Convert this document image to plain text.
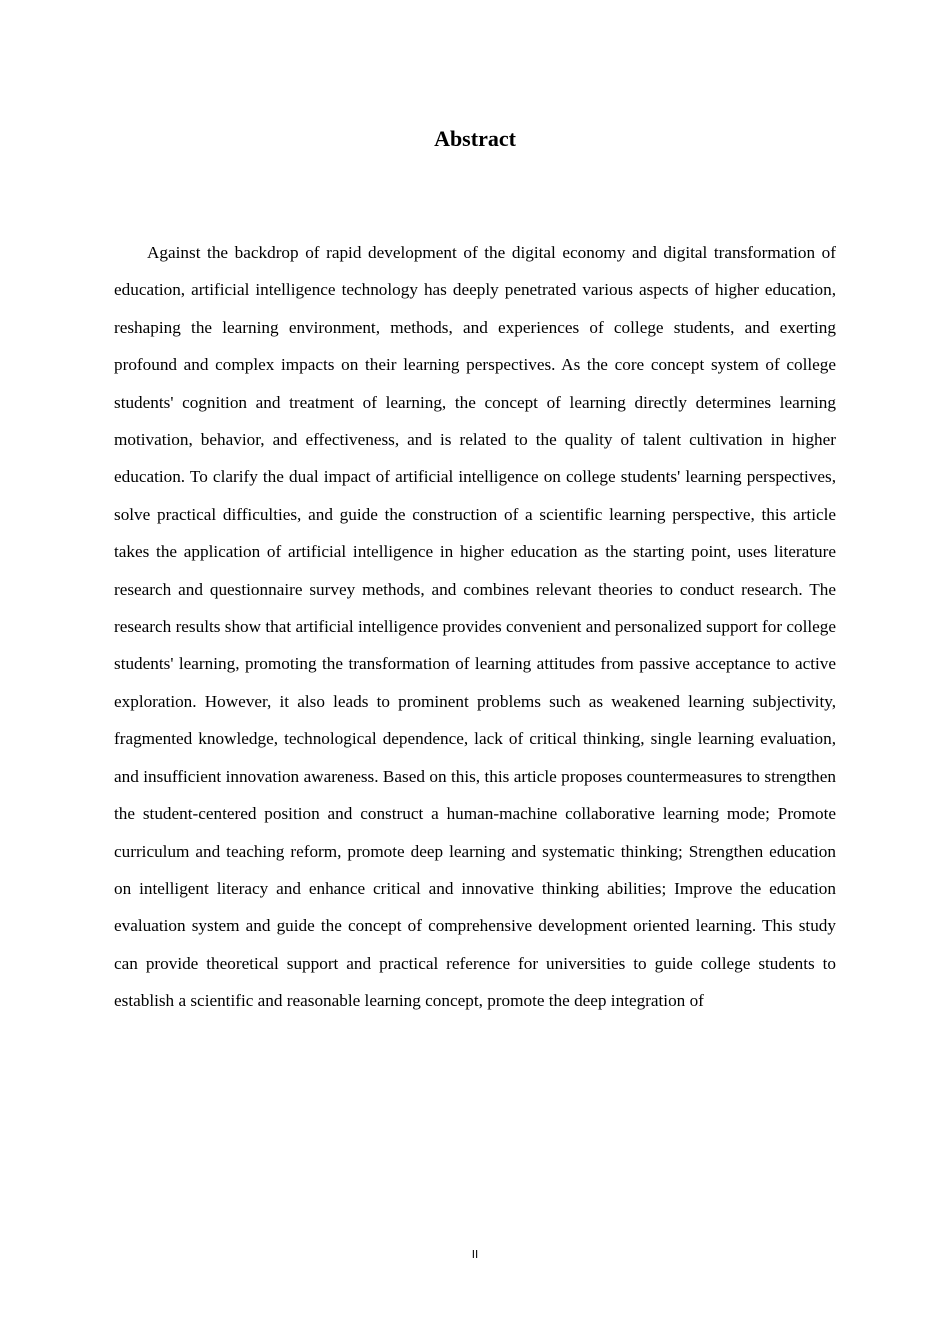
Abstract

Against the backdrop of rapid development of the digital economy and digital transformation of education, artificial intelligence technology has deeply penetrated various aspects of higher education, reshaping the learning environment, methods, and experiences of college students, and exerting profound and complex impacts on their learning perspectives. As the core concept system of college students' cognition and treatment of learning, the concept of learning directly determines learning motivation, behavior, and effectiveness, and is related to the quality of talent cultivation in higher education. To clarify the dual impact of artificial intelligence on college students' learning perspectives, solve practical difficulties, and guide the construction of a scientific learning perspective, this article takes the application of artificial intelligence in higher education as the starting point, uses literature research and questionnaire survey methods, and combines relevant theories to conduct research. The research results show that artificial intelligence provides convenient and personalized support for college students' learning, promoting the transformation of learning attitudes from passive acceptance to active exploration. However, it also leads to prominent problems such as weakened learning subjectivity, fragmented knowledge, technological dependence, lack of critical thinking, single learning evaluation, and insufficient innovation awareness. Based on this, this article proposes countermeasures to strengthen the student-centered position and construct a human-machine collaborative learning mode; Promote curriculum and teaching reform, promote deep learning and systematic thinking; Strengthen education on intelligent literacy and enhance critical and innovative thinking abilities; Improve the education evaluation system and guide the concept of comprehensive development oriented learning. This study can provide theoretical support and practical reference for universities to guide college students to establish a scientific and reasonable learning concept, promote the deep integration of

II
